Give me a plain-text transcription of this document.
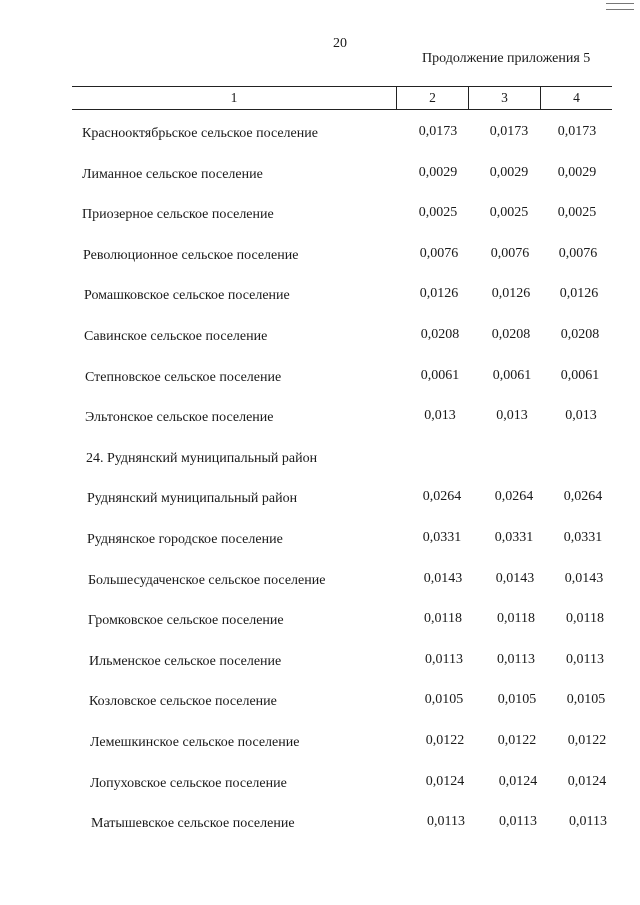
20
Продолжение приложения 5
1	2	3	4
Краснооктябрьское сельское поселение	0,0173	0,0173	0,0173
Лиманное сельское поселение	0,0029	0,0029	0,0029
Приозерное сельское поселение	0,0025	0,0025	0,0025
Революционное сельское поселение	0,0076	0,0076	0,0076
Ромашковское сельское поселение	0,0126	0,0126	0,0126
Савинское сельское поселение	0,0208	0,0208	0,0208
Степновское сельское поселение	0,0061	0,0061	0,0061
Эльтонское сельское поселение	0,013	0,013	0,013
24. Руднянский муниципальный район
Руднянский муниципальный район	0,0264	0,0264	0,0264
Руднянское городское поселение	0,0331	0,0331	0,0331
Большесудаченское сельское поселение	0,0143	0,0143	0,0143
Громковское сельское поселение	0,0118	0,0118	0,0118
Ильменское сельское поселение	0,0113	0,0113	0,0113
Козловское сельское поселение	0,0105	0,0105	0,0105
Лемешкинское сельское поселение	0,0122	0,0122	0,0122
Лопуховское сельское поселение	0,0124	0,0124	0,0124
Матышевское сельское поселение	0,0113	0,0113	0,0113
